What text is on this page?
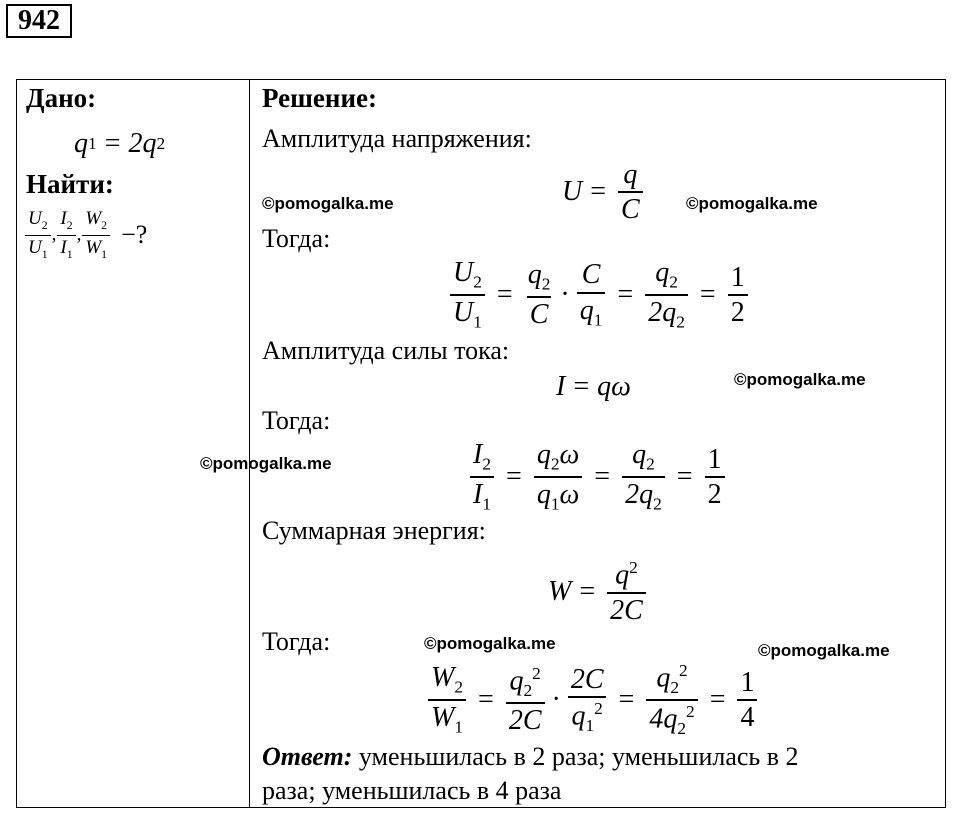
942
Дано:
q 1 = 2q 2
Найти:
$\frac{U_2}{U_1}$ , $\frac{I_2}{I_1}$ , $\frac{W_2}{W_1}$ −?
Решение:
Амплитуда напряжения:
$U = \frac{q}{C}$
Тогда:
$\frac{U_2}{U_1} = \frac{q_2}{C} \cdot \frac{C}{q_1} = \frac{q_2}{2q_2} = \frac{1}{2}$
Амплитуда силы тока:
I = qω
Тогда:
$\frac{I_2}{I_1} = \frac{q_2\omega}{q_1\omega} = \frac{q_2}{2q_2} = \frac{1}{2}$
Суммарная энергия:
$W = \frac{q^2}{2C}$
Тогда:
$\frac{W_2}{W_1} = \frac{q_2^2}{2C} \cdot \frac{2C}{q_1^2} = \frac{q_2^2}{4q_2^2} = \frac{1}{4}$
Ответ: уменьшилась в 2 раза; уменьшилась в 2
раза; уменьшилась в 4 раза
©pomogalka.me	©pomogalka.me
©pomogalka.me
©pomogalka.me
©pomogalka.me	©pomogalka.me
